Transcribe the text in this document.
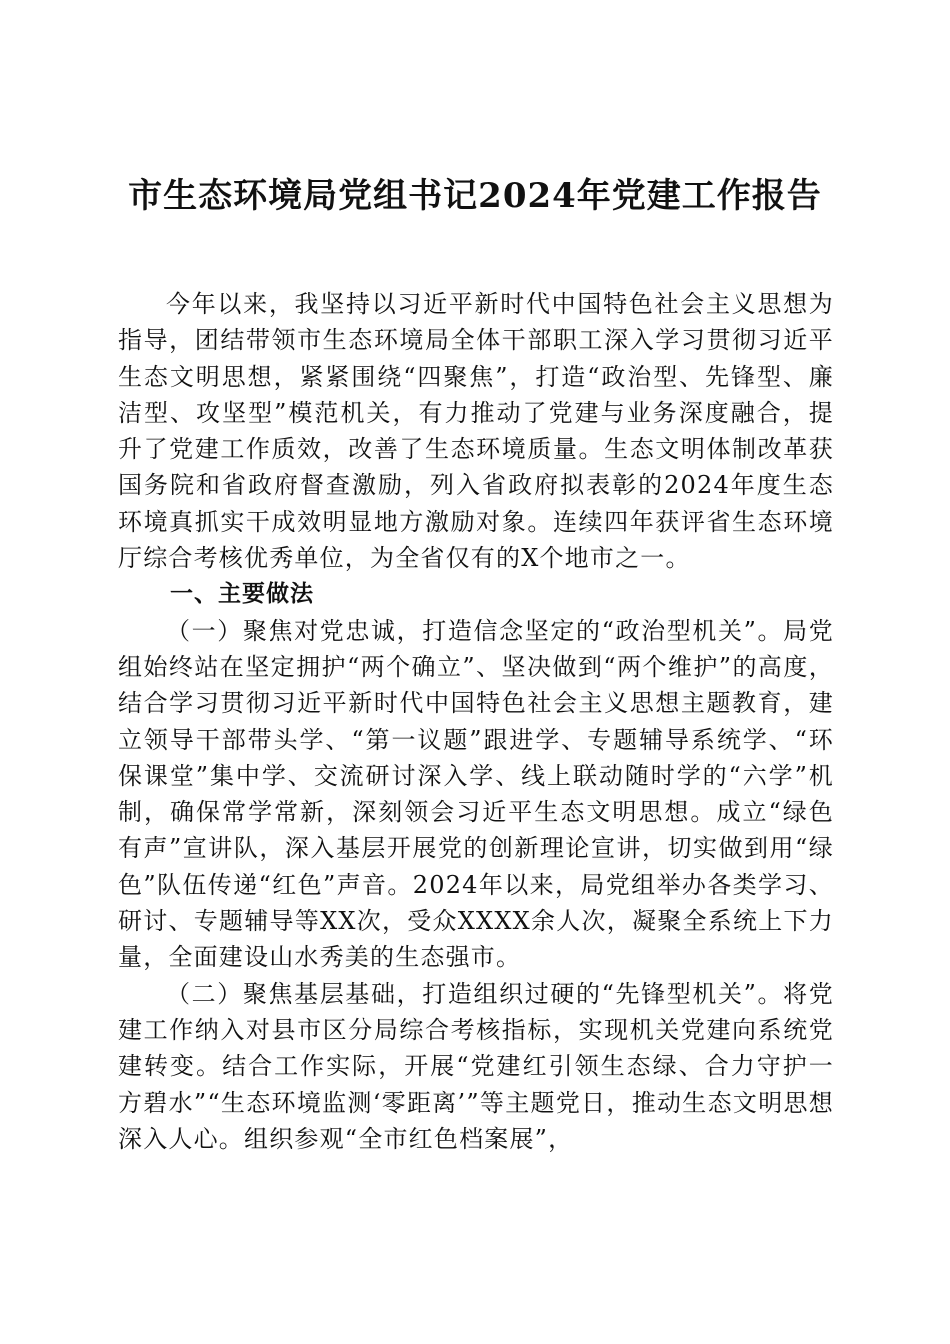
市生态环境局党组书记2024年党建工作报告

今年以来，我坚持以习近平新时代中国特色社会主义思想为指导，团结带领市生态环境局全体干部职工深入学习贯彻习近平生态文明思想，紧紧围绕“四聚焦”，打造“政治型、先锋型、廉洁型、攻坚型”模范机关，有力推动了党建与业务深度融合，提升了党建工作质效，改善了生态环境质量。生态文明体制改革获国务院和省政府督查激励，列入省政府拟表彰的2024年度生态环境真抓实干成效明显地方激励对象。连续四年获评省生态环境厅综合考核优秀单位，为全省仅有的X个地市之一。

一、主要做法

（一）聚焦对党忠诚，打造信念坚定的“政治型机关”。局党组始终站在坚定拥护“两个确立”、坚决做到“两个维护”的高度，结合学习贯彻习近平新时代中国特色社会主义思想主题教育，建立领导干部带头学、“第一议题”跟进学、专题辅导系统学、“环保课堂”集中学、交流研讨深入学、线上联动随时学的“六学”机制，确保常学常新，深刻领会习近平生态文明思想。成立“绿色有声”宣讲队，深入基层开展党的创新理论宣讲，切实做到用“绿色”队伍传递“红色”声音。2024年以来，局党组举办各类学习、研讨、专题辅导等XX次，受众XXXX余人次，凝聚全系统上下力量，全面建设山水秀美的生态强市。

（二）聚焦基层基础，打造组织过硬的“先锋型机关”。将党建工作纳入对县市区分局综合考核指标，实现机关党建向系统党建转变。结合工作实际，开展“党建红引领生态绿、合力守护一方碧水”“生态环境监测‘零距离’”等主题党日，推动生态文明思想深入人心。组织参观“全市红色档案展”，
